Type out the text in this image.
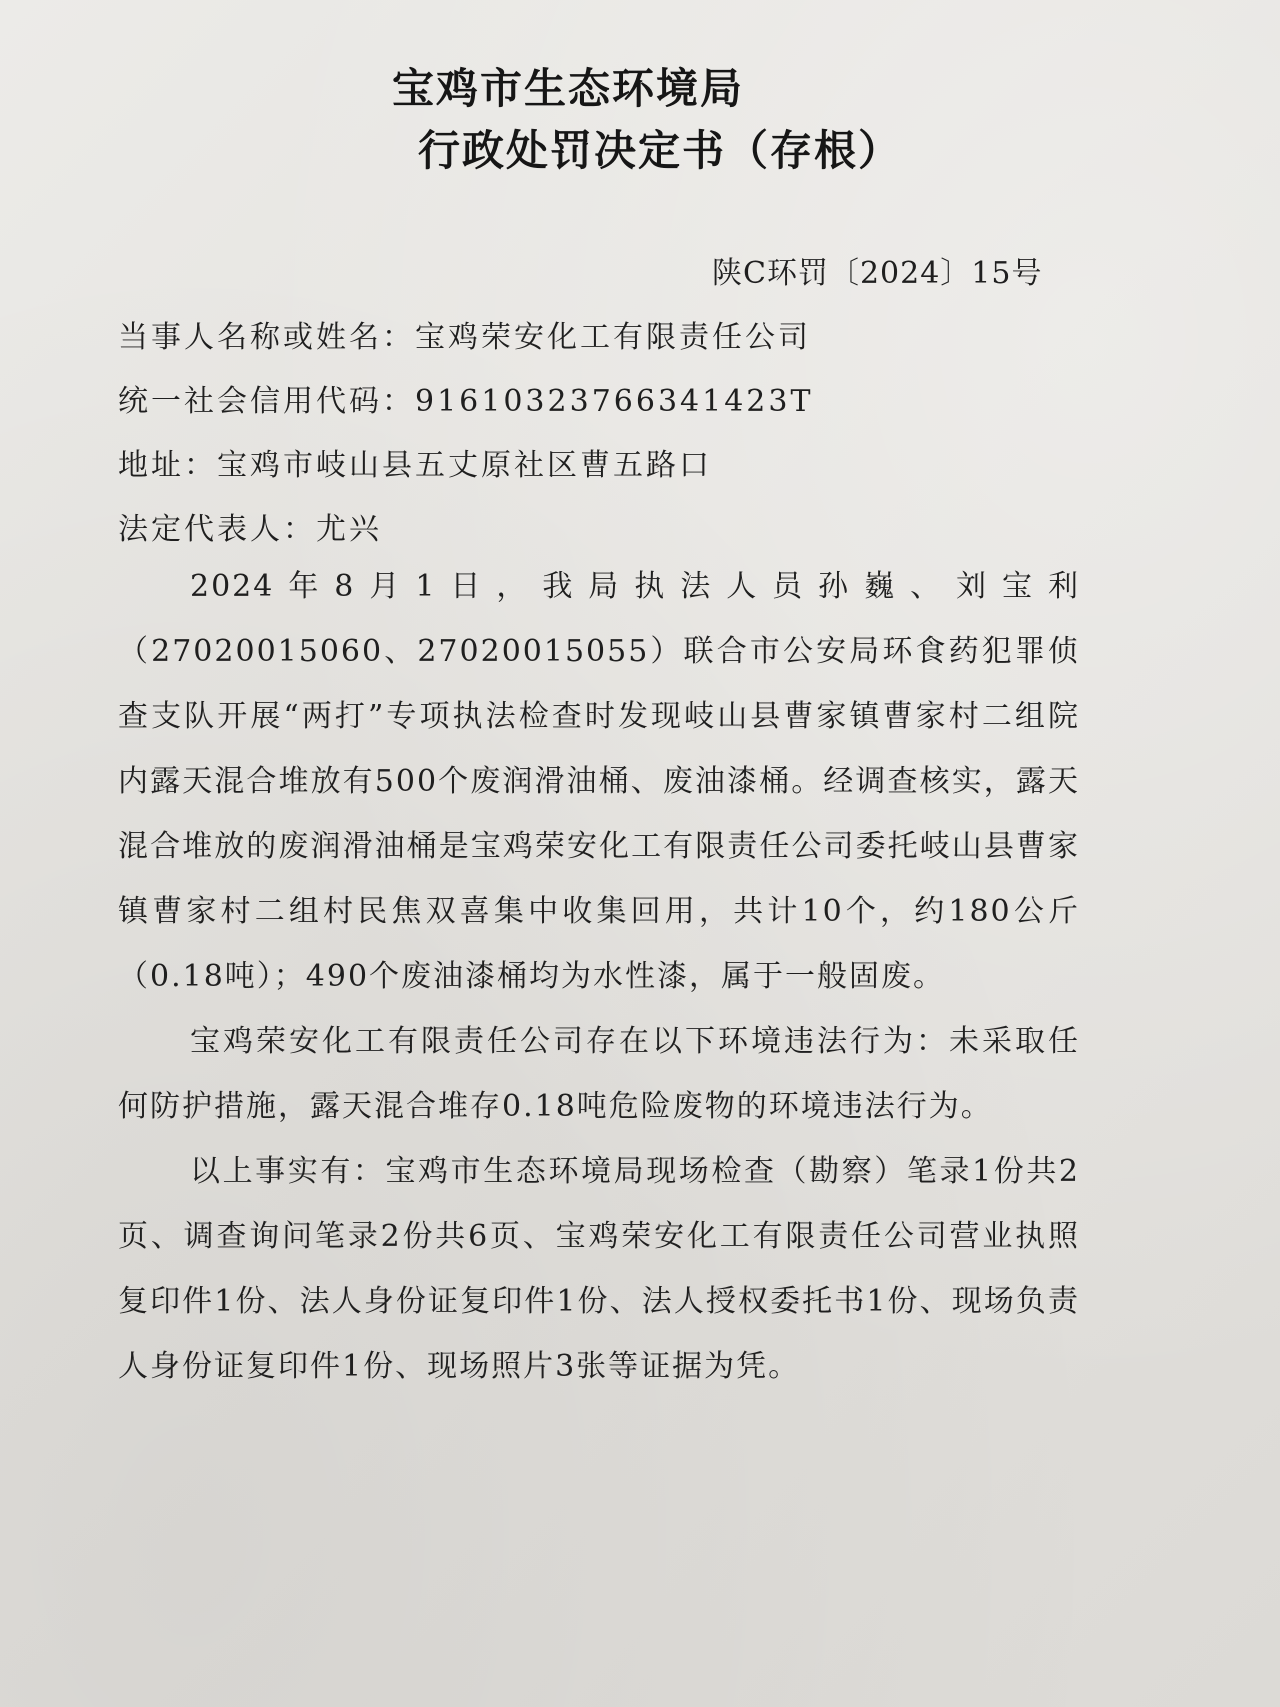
宝鸡市生态环境局
行政处罚决定书（存根）
陕C环罚〔2024〕15号
当事人名称或姓名：宝鸡荣安化工有限责任公司
统一社会信用代码：91610323766341423T
地址：宝鸡市岐山县五丈原社区曹五路口
法定代表人：尤兴

2024年8月1日，我局执法人员孙巍、刘宝利（27020015060、27020015055）联合市公安局环食药犯罪侦查支队开展“两打”专项执法检查时发现岐山县曹家镇曹家村二组院内露天混合堆放有500个废润滑油桶、废油漆桶。经调查核实，露天混合堆放的废润滑油桶是宝鸡荣安化工有限责任公司委托岐山县曹家镇曹家村二组村民焦双喜集中收集回用，共计10个，约180公斤（0.18吨）；490个废油漆桶均为水性漆，属于一般固废。

宝鸡荣安化工有限责任公司存在以下环境违法行为：未采取任何防护措施，露天混合堆存0.18吨危险废物的环境违法行为。

以上事实有：宝鸡市生态环境局现场检查（勘察）笔录1份共2页、调查询问笔录2份共6页、宝鸡荣安化工有限责任公司营业执照复印件1份、法人身份证复印件1份、法人授权委托书1份、现场负责人身份证复印件1份、现场照片3张等证据为凭。
